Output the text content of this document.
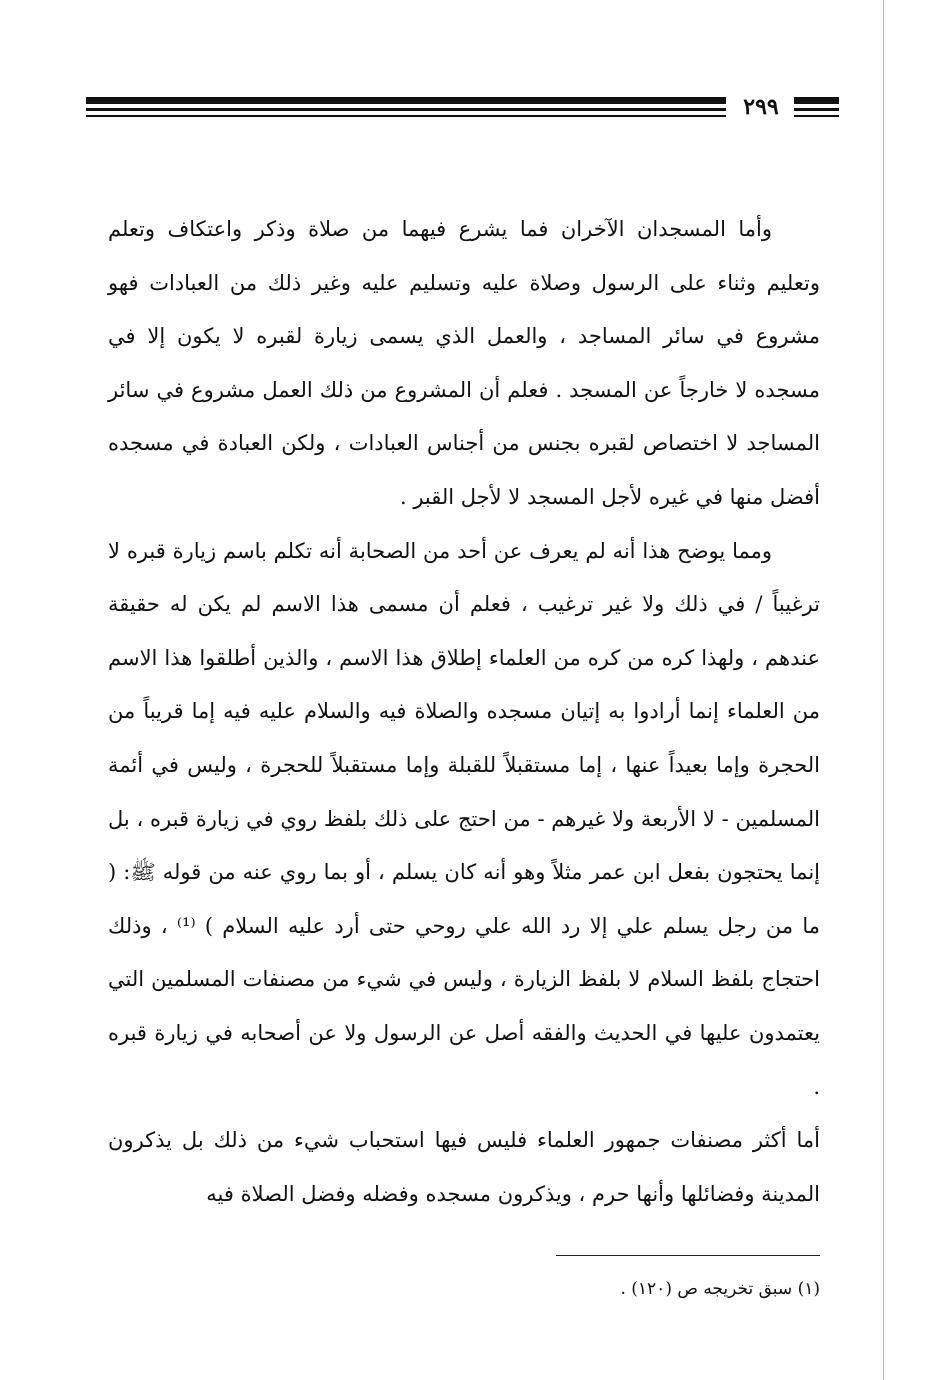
٢٩٩

وأما المسجدان الآخران فما يشرع فيهما من صلاة وذكر واعتكاف وتعلم وتعليم وثناء على الرسول وصلاة عليه وتسليم عليه وغير ذلك من العبادات فهو مشروع في سائر المساجد ، والعمل الذي يسمى زيارة لقبره لا يكون إلا في مسجده لا خارجاً عن المسجد . فعلم أن المشروع من ذلك العمل مشروع في سائر المساجد لا اختصاص لقبره بجنس من أجناس العبادات ، ولكن العبادة في مسجده أفضل منها في غيره لأجل المسجد لا لأجل القبر .

ومما يوضح هذا أنه لم يعرف عن أحد من الصحابة أنه تكلم باسم زيارة قبره لا ترغيباً / في ذلك ولا غير ترغيب ، فعلم أن مسمى هذا الاسم لم يكن له حقيقة عندهم ، ولهذا كره من كره من العلماء إطلاق هذا الاسم ، والذين أطلقوا هذا الاسم من العلماء إنما أرادوا به إتيان مسجده والصلاة فيه والسلام عليه فيه إما قريباً من الحجرة وإما بعيداً عنها ، إما مستقبلاً للقبلة وإما مستقبلاً للحجرة ، وليس في أئمة المسلمين - لا الأربعة ولا غيرهم - من احتج على ذلك بلفظ روي في زيارة قبره ، بل إنما يحتجون بفعل ابن عمر مثلاً وهو أنه كان يسلم ، أو بما روي عنه من قوله ﷺ: ( ما من رجل يسلم علي إلا رد الله علي روحي حتى أرد عليه السلام ) ⁽¹⁾ ، وذلك احتجاج بلفظ السلام لا بلفظ الزيارة ، وليس في شيء من مصنفات المسلمين التي يعتمدون عليها في الحديث والفقه أصل عن الرسول ولا عن أصحابه في زيارة قبره .

أما أكثر مصنفات جمهور العلماء فليس فيها استحباب شيء من ذلك بل يذكرون المدينة وفضائلها وأنها حرم ، ويذكرون مسجده وفضله وفضل الصلاة فيه

(١) سبق تخريجه ص (١٢٠) .
